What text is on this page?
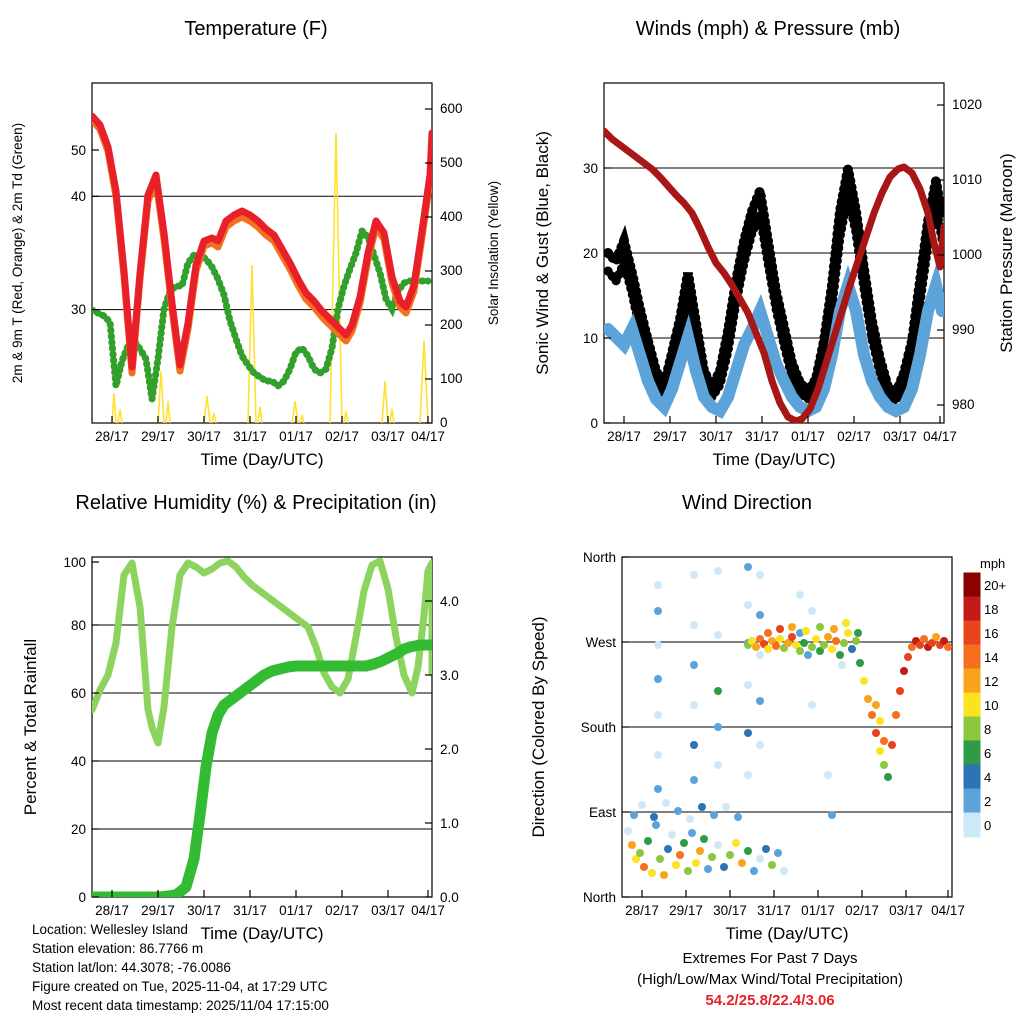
Temperature (F)
30
40
50
0
100
200
300
400
500
600
28/17 29/17 30/17 31/17 01/17 02/17 03/17 04/17
Time (Day/UTC)
2m & 9m T (Red, Orange) & 2m Td (Green)	Solar Insolation (Yellow)
Winds (mph) & Pressure (mb)
0
10
20
30
980
990
1000
1010
1020
28/17 29/17 30/17 31/17 01/17 02/17 03/17 04/17
Time (Day/UTC)
Sonic Wind & Gust (Blue, Black)	Station Pressure (Maroon)
Relative Humidity (%) & Precipitation (in)
0
20
40
60
80
100
0.0
1.0
2.0
3.0
4.0
28/17 29/17 30/17 31/17 01/17 02/17 03/17 04/17
Time (Day/UTC)
Percent & Total Rainfall
Wind Direction
North
West
South
East
North
28/17 29/17 30/17 31/17 01/17 02/17 03/17 04/17
Time (Day/UTC)
Direction (Colored By Speed)
mph
20+
18
16
14
12
10
8
6
4
2
0
Location: Wellesley Island
Station elevation: 86.7766 m
Station lat/lon: 44.3078; -76.0086
Figure created on Tue, 2025-11-04, at 17:29 UTC
Most recent data timestamp: 2025/11/04 17:15:00
Extremes For Past 7 Days
(High/Low/Max Wind/Total Precipitation)
54.2/25.8/22.4/3.06
